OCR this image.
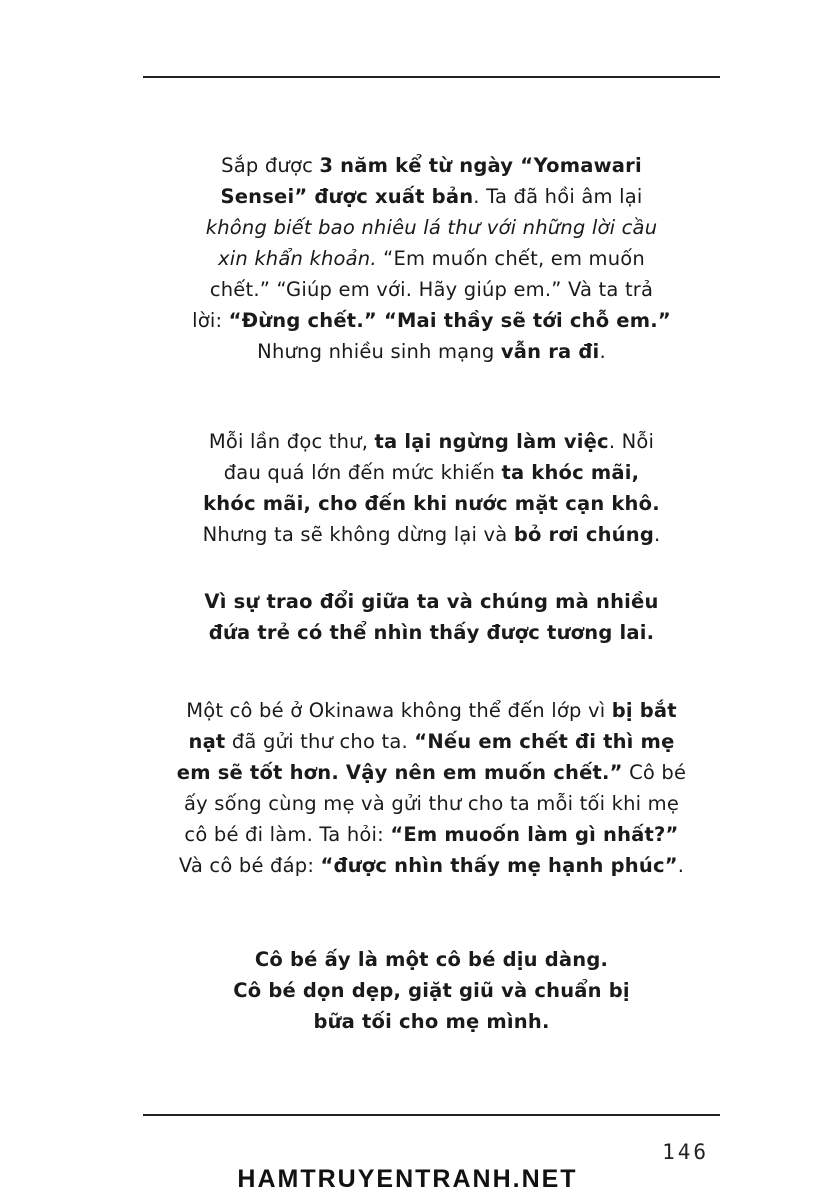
Sắp được 3 năm kể từ ngày “Yomawari
Sensei” được xuất bản. Ta đã hồi âm lại
không biết bao nhiêu lá thư với những lời cầu
xin khẩn khoản. “Em muốn chết, em muốn
chết.” “Giúp em với. Hãy giúp em.” Và ta trả
lời: “Đừng chết.” “Mai thầy sẽ tới chỗ em.”
Nhưng nhiều sinh mạng vẫn ra đi.
Mỗi lần đọc thư, ta lại ngừng làm việc. Nỗi
đau quá lớn đến mức khiến ta khóc mãi,
khóc mãi, cho đến khi nước mặt cạn khô.
Nhưng ta sẽ không dừng lại và bỏ rơi chúng.
Vì sự trao đổi giữa ta và chúng mà nhiều
đứa trẻ có thể nhìn thấy được tương lai.
Một cô bé ở Okinawa không thể đến lớp vì bị bắt
nạt đã gửi thư cho ta. “Nếu em chết đi thì mẹ
em sẽ tốt hơn. Vậy nên em muốn chết.” Cô bé
ấy sống cùng mẹ và gửi thư cho ta mỗi tối khi mẹ
cô bé đi làm. Ta hỏi: “Em muoốn làm gì nhất?”
Và cô bé đáp: “được nhìn thấy mẹ hạnh phúc”.
Cô bé ấy là một cô bé dịu dàng.
Cô bé dọn dẹp, giặt giũ và chuẩn bị
bữa tối cho mẹ mình.
146
HAMTRUYENTRANH.NET
